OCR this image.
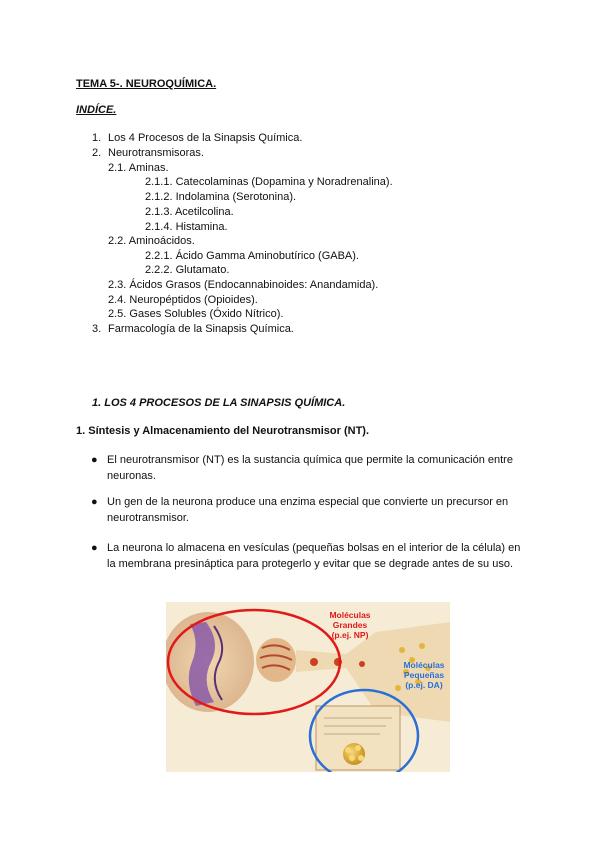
TEMA 5-. NEUROQUÍMICA.
INDÍCE.
1. Los 4 Procesos de la Sinapsis Química.
2. Neurotransmisoras.
2.1. Aminas.
2.1.1. Catecolaminas (Dopamina y Noradrenalina).
2.1.2. Indolamina (Serotonina).
2.1.3. Acetilcolina.
2.1.4. Histamina.
2.2. Aminoácidos.
2.2.1. Ácido Gamma Aminobutírico (GABA).
2.2.2. Glutamato.
2.3. Ácidos Grasos (Endocannabinoides: Anandamida).
2.4. Neuropéptidos (Opioides).
2.5. Gases Solubles (Óxido Nítrico).
3. Farmacología de la Sinapsis Química.
1. LOS 4 PROCESOS DE LA SINAPSIS QUÍMICA.
1. Síntesis y Almacenamiento del Neurotransmisor (NT).
● El neurotransmisor (NT) es la sustancia química que permite la comunicación entre
neuronas.
● Un gen de la neurona produce una enzima especial que convierte un precursor en
neurotransmisor.
● La neurona lo almacena en vesículas (pequeñas bolsas en el interior de la célula) en
la membrana presináptica para protegerlo y evitar que se degrade antes de su uso.
Moléculas
Grandes
(p.ej. NP)
Moléculas
Pequeñas
(p.ej. DA)
